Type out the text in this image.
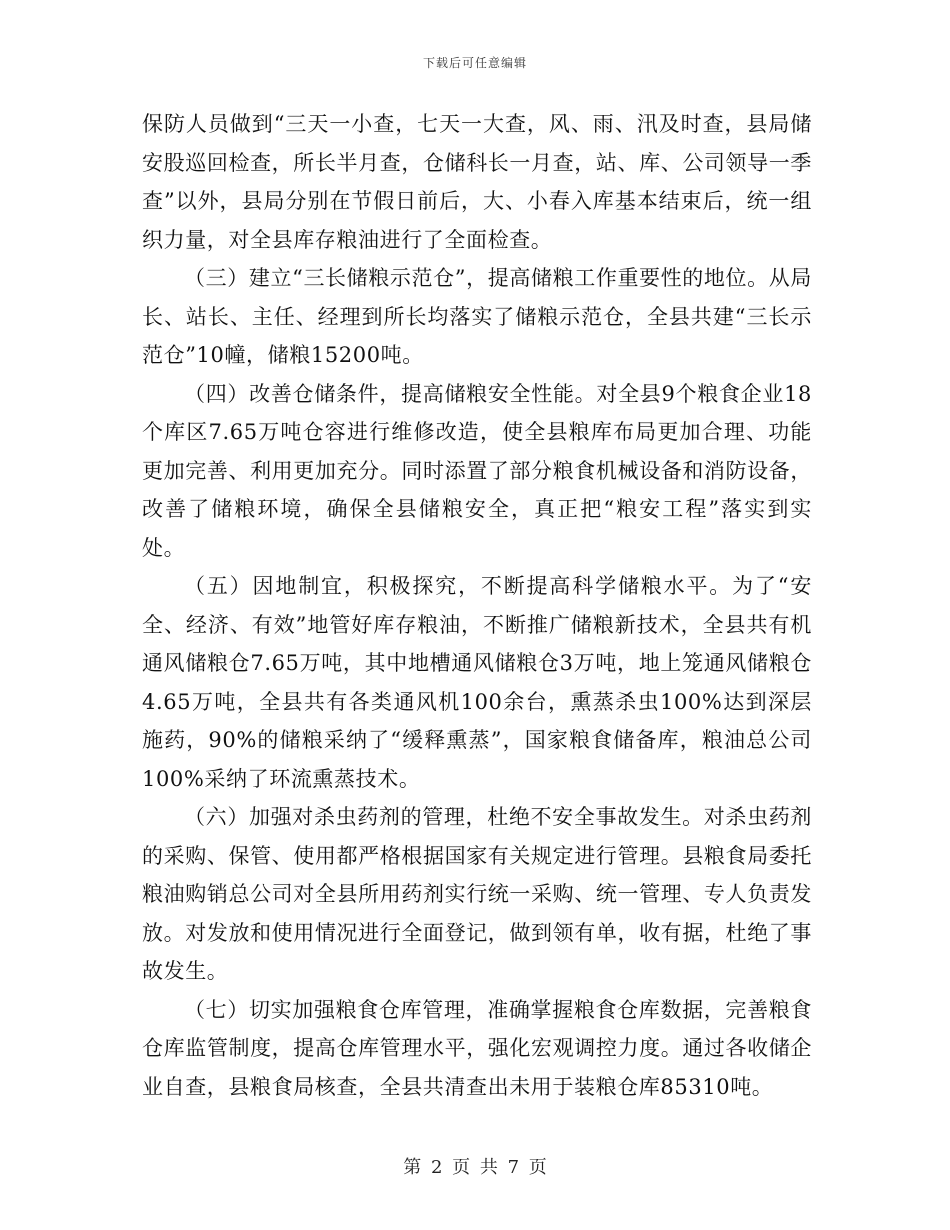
下载后可任意编辑

保防人员做到“三天一小查，七天一大查，风、雨、汛及时查，县局储安股巡回检查，所长半月查，仓储科长一月查，站、库、公司领导一季查”以外，县局分别在节假日前后，大、小春入库基本结束后，统一组织力量，对全县库存粮油进行了全面检查。

（三）建立“三长储粮示范仓”，提高储粮工作重要性的地位。从局长、站长、主任、经理到所长均落实了储粮示范仓，全县共建“三长示范仓”10幢，储粮15200吨。

（四）改善仓储条件，提高储粮安全性能。对全县9个粮食企业18个库区7.65万吨仓容进行维修改造，使全县粮库布局更加合理、功能更加完善、利用更加充分。同时添置了部分粮食机械设备和消防设备，改善了储粮环境，确保全县储粮安全，真正把“粮安工程”落实到实处。

（五）因地制宜，积极探究，不断提高科学储粮水平。为了“安全、经济、有效”地管好库存粮油，不断推广储粮新技术，全县共有机通风储粮仓7.65万吨，其中地槽通风储粮仓3万吨，地上笼通风储粮仓4.65万吨，全县共有各类通风机100余台，熏蒸杀虫100%达到深层施药，90%的储粮采纳了“缓释熏蒸”，国家粮食储备库，粮油总公司100%采纳了环流熏蒸技术。

（六）加强对杀虫药剂的管理，杜绝不安全事故发生。对杀虫药剂的采购、保管、使用都严格根据国家有关规定进行管理。县粮食局委托粮油购销总公司对全县所用药剂实行统一采购、统一管理、专人负责发放。对发放和使用情况进行全面登记，做到领有单，收有据，杜绝了事故发生。

（七）切实加强粮食仓库管理，准确掌握粮食仓库数据，完善粮食仓库监管制度，提高仓库管理水平，强化宏观调控力度。通过各收储企业自查，县粮食局核查，全县共清查出未用于装粮仓库85310吨。

第 2 页 共 7 页
